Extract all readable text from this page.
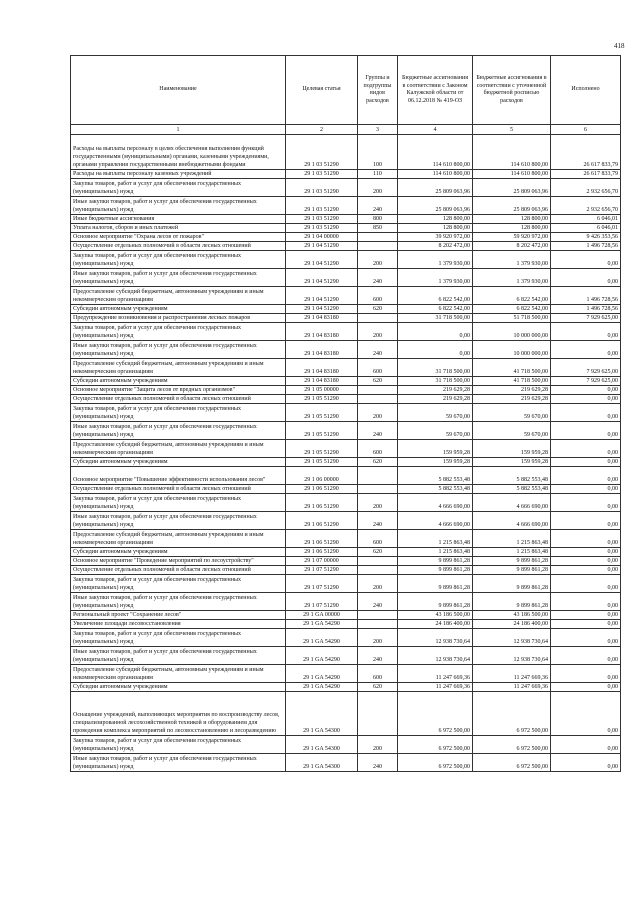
418
Наименование	Целевая статья	Группы и подгруппы видов расходов	Бюджетные ассигнования в соответствии с Законом Калужской области от 06.12.2018 № 419-ОЗ	Бюджетные ассигнования в соответствии с уточненной бюджетной росписью расходов	Исполнено
1	2	3	4	5	6
Расходы на выплаты персоналу в целях обеспечения выполнения функций государственными (муниципальными) органами, казенными учреждениями, органами управления государственными внебюджетными фондами	29 1 03 51290	100	114 610 800,00	114 610 800,00	26 617 833,79
Расходы на выплаты персоналу казенных учреждений	29 1 03 51290	110	114 610 800,00	114 610 800,00	26 617 833,79
Закупка товаров, работ и услуг для обеспечения государственных (муниципальных) нужд	29 1 03 51290	200	25 809 063,96	25 809 063,96	2 932 656,70
Иные закупки товаров, работ и услуг для обеспечения государственных (муниципальных) нужд	29 1 03 51290	240	25 809 063,96	25 809 063,96	2 932 656,70
Иные бюджетные ассигнования	29 1 03 51290	800	128 800,00	128 800,00	6 046,01
Уплата налогов, сборов и иных платежей	29 1 03 51290	850	128 800,00	128 800,00	6 046,01
Основное мероприятие "Охрана лесов от пожаров"	29 1 04 00000		39 920 972,00	59 920 972,00	9 426 353,56
Осуществление отдельных полномочий в области лесных отношений	29 1 04 51290		8 202 472,00	8 202 472,00	1 496 728,56
Закупка товаров, работ и услуг для обеспечения государственных (муниципальных) нужд	29 1 04 51290	200	1 379 930,00	1 379 930,00	0,00
Иные закупки товаров, работ и услуг для обеспечения государственных (муниципальных) нужд	29 1 04 51290	240	1 379 930,00	1 379 930,00	0,00
Предоставление субсидий бюджетным, автономным учреждениям и иным некоммерческим организациям	29 1 04 51290	600	6 822 542,00	6 822 542,00	1 496 728,56
Субсидии автономным учреждениям	29 1 04 51290	620	6 822 542,00	6 822 542,00	1 496 728,56
Предупреждение возникновения и распространения лесных пожаров	29 1 04 83180		31 718 500,00	51 718 500,00	7 929 625,00
Закупка товаров, работ и услуг для обеспечения государственных (муниципальных) нужд	29 1 04 83180	200	0,00	10 000 000,00	0,00
Иные закупки товаров, работ и услуг для обеспечения государственных (муниципальных) нужд	29 1 04 83180	240	0,00	10 000 000,00	0,00
Предоставление субсидий бюджетным, автономным учреждениям и иным некоммерческим организациям	29 1 04 83180	600	31 718 500,00	41 718 500,00	7 929 625,00
Субсидии автономным учреждениям	29 1 04 83180	620	31 718 500,00	41 718 500,00	7 929 625,00
Основное мероприятие "Защита лесов от вредных организмов"	29 1 05 00000		219 629,28	219 629,28	0,00
Осуществление отдельных полномочий в области лесных отношений	29 1 05 51290		219 629,28	219 629,28	0,00
Закупка товаров, работ и услуг для обеспечения государственных (муниципальных) нужд	29 1 05 51290	200	59 670,00	59 670,00	0,00
Иные закупки товаров, работ и услуг для обеспечения государственных (муниципальных) нужд	29 1 05 51290	240	59 670,00	59 670,00	0,00
Предоставление субсидий бюджетным, автономным учреждениям и иным некоммерческим организациям	29 1 05 51290	600	159 959,28	159 959,28	0,00
Субсидии автономным учреждениям	29 1 05 51290	620	159 959,28	159 959,28	0,00
Основное мероприятие "Повышение эффективности использования лесов"	29 1 06 00000		5 882 553,48	5 882 553,48	0,00
Осуществление отдельных полномочий в области лесных отношений	29 1 06 51290		5 882 553,48	5 882 553,48	0,00
Закупка товаров, работ и услуг для обеспечения государственных (муниципальных) нужд	29 1 06 51290	200	4 666 690,00	4 666 690,00	0,00
Иные закупки товаров, работ и услуг для обеспечения государственных (муниципальных) нужд	29 1 06 51290	240	4 666 690,00	4 666 690,00	0,00
Предоставление субсидий бюджетным, автономным учреждениям и иным некоммерческим организациям	29 1 06 51290	600	1 215 863,48	1 215 863,48	0,00
Субсидии автономным учреждениям	29 1 06 51290	620	1 215 863,48	1 215 863,48	0,00
Основное мероприятие "Проведение мероприятий по лесоустройству"	29 1 07 00000		9 899 861,28	9 899 861,28	0,00
Осуществление отдельных полномочий в области лесных отношений	29 1 07 51290		9 899 861,28	9 899 861,28	0,00
Закупка товаров, работ и услуг для обеспечения государственных (муниципальных) нужд	29 1 07 51290	200	9 899 861,28	9 899 861,28	0,00
Иные закупки товаров, работ и услуг для обеспечения государственных (муниципальных) нужд	29 1 07 51290	240	9 899 861,28	9 899 861,28	0,00
Региональный проект "Сохранение лесов"	29 1 GA 00000		43 186 500,00	43 186 500,00	0,00
Увеличение площади лесовосстановления	29 1 GA 54290		24 186 400,00	24 186 400,00	0,00
Закупка товаров, работ и услуг для обеспечения государственных (муниципальных) нужд	29 1 GA 54290	200	12 938 730,64	12 938 730,64	0,00
Иные закупки товаров, работ и услуг для обеспечения государственных (муниципальных) нужд	29 1 GA 54290	240	12 938 730,64	12 938 730,64	0,00
Предоставление субсидий бюджетным, автономным учреждениям и иным некоммерческим организациям	29 1 GA 54290	600	11 247 669,36	11 247 669,36	0,00
Субсидии автономным учреждениям	29 1 GA 54290	620	11 247 669,36	11 247 669,36	0,00
Оснащение учреждений, выполняющих мероприятия по воспроизводству лесов, специализированной лесохозяйственной техникой и оборудованием для проведения комплекса мероприятий по лесовосстановлению и лесоразведению	29 1 GA 54300		6 972 500,00	6 972 500,00	0,00
Закупка товаров, работ и услуг для обеспечения государственных (муниципальных) нужд	29 1 GA 54300	200	6 972 500,00	6 972 500,00	0,00
Иные закупки товаров, работ и услуг для обеспечения государственных (муниципальных) нужд	29 1 GA 54300	240	6 972 500,00	6 972 500,00	0,00
